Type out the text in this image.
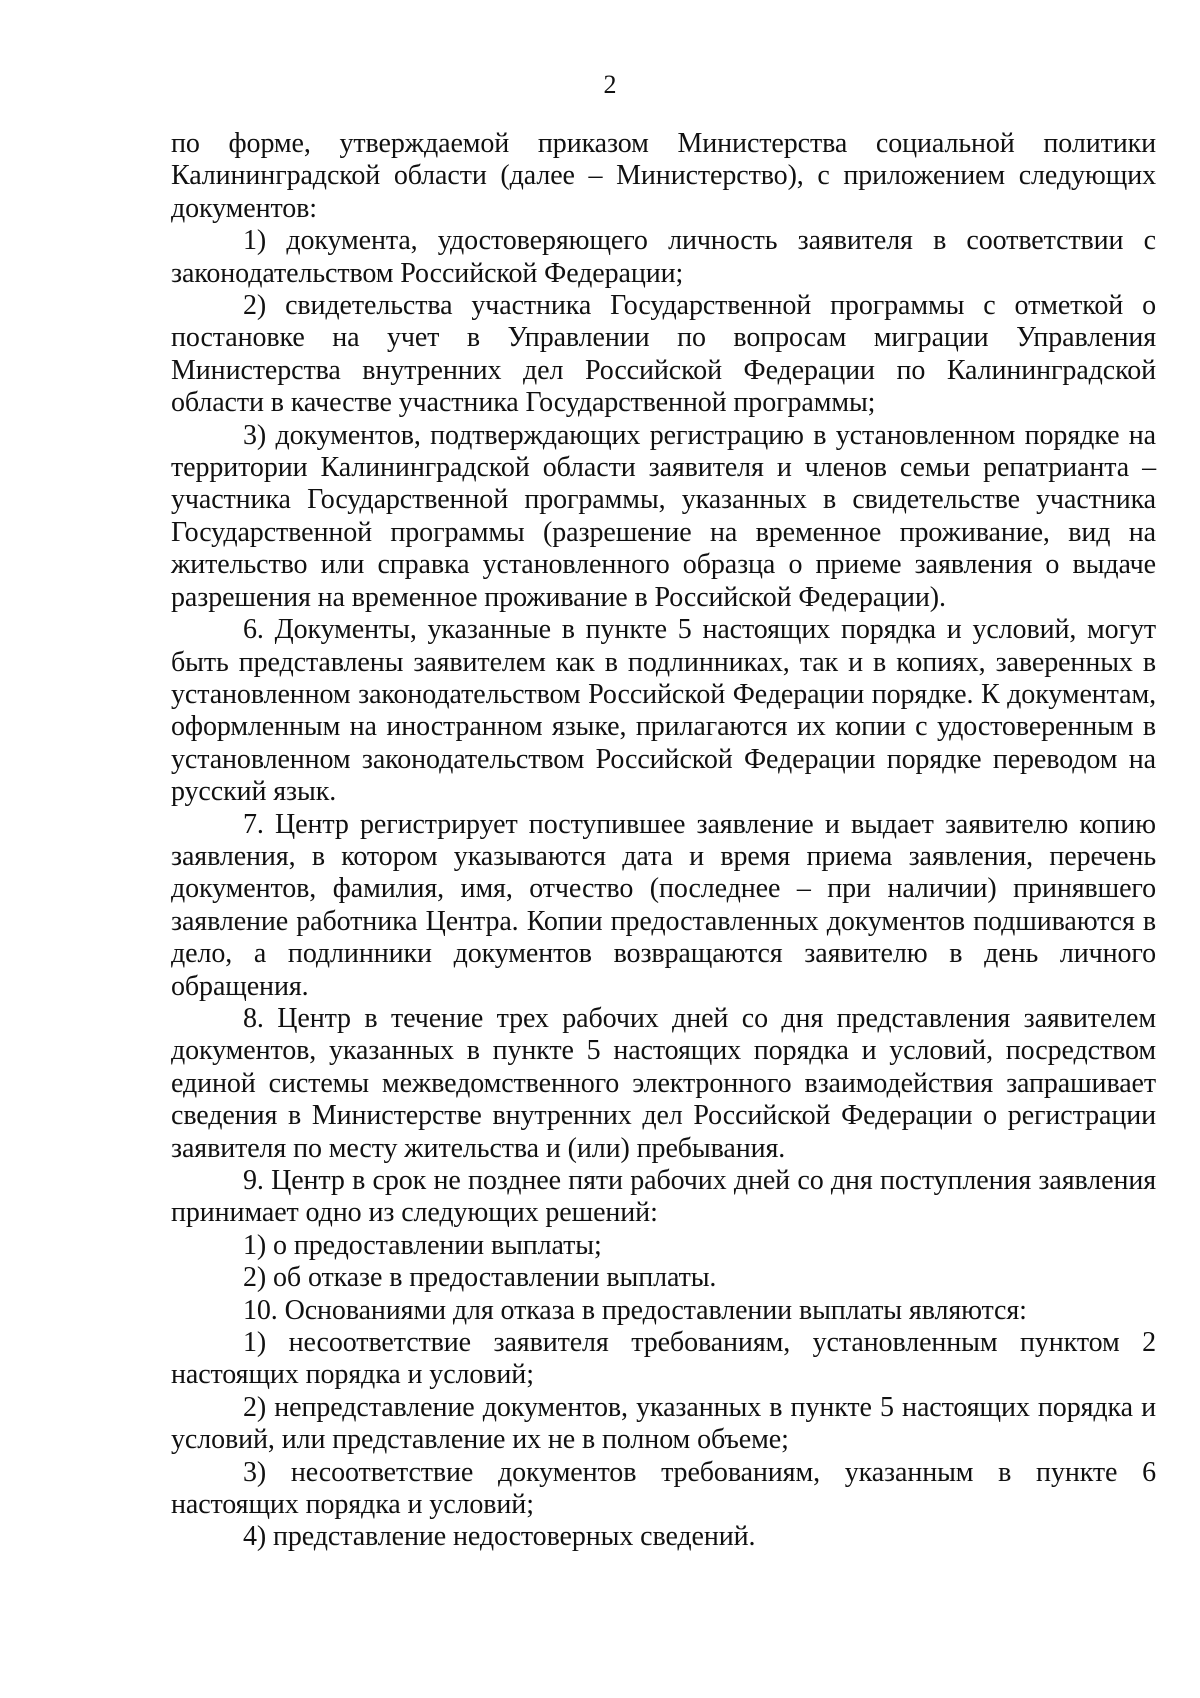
2

по форме, утверждаемой приказом Министерства социальной политики Калининградской области (далее – Министерство), с приложением следующих документов:

1) документа, удостоверяющего личность заявителя в соответствии с законодательством Российской Федерации;

2) свидетельства участника Государственной программы с отметкой о постановке на учет в Управлении по вопросам миграции Управления Министерства внутренних дел Российской Федерации по Калининградской области в качестве участника Государственной программы;

3) документов, подтверждающих регистрацию в установленном порядке на территории Калининградской области заявителя и членов семьи репатрианта – участника Государственной программы, указанных в свидетельстве участника Государственной программы (разрешение на временное проживание, вид на жительство или справка установленного образца о приеме заявления о выдаче разрешения на временное проживание в Российской Федерации).

6. Документы, указанные в пункте 5 настоящих порядка и условий, могут быть представлены заявителем как в подлинниках, так и в копиях, заверенных в установленном законодательством Российской Федерации порядке. К документам, оформленным на иностранном языке, прилагаются их копии с удостоверенным в установленном законодательством Российской Федерации порядке переводом на русский язык.

7. Центр регистрирует поступившее заявление и выдает заявителю копию заявления, в котором указываются дата и время приема заявления, перечень документов, фамилия, имя, отчество (последнее – при наличии) принявшего заявление работника Центра. Копии предоставленных документов подшиваются в дело, а подлинники документов возвращаются заявителю в день личного обращения.

8. Центр в течение трех рабочих дней со дня представления заявителем документов, указанных в пункте 5 настоящих порядка и условий, посредством единой системы межведомственного электронного взаимодействия запрашивает сведения в Министерстве внутренних дел Российской Федерации о регистрации заявителя по месту жительства и (или) пребывания.

9. Центр в срок не позднее пяти рабочих дней со дня поступления заявления принимает одно из следующих решений:

1) о предоставлении выплаты;

2) об отказе в предоставлении выплаты.

10. Основаниями для отказа в предоставлении выплаты являются:

1) несоответствие заявителя требованиям, установленным пунктом 2 настоящих порядка и условий;

2) непредставление документов, указанных в пункте 5 настоящих порядка и условий, или представление их не в полном объеме;

3) несоответствие документов требованиям, указанным в пункте 6 настоящих порядка и условий;

4) представление недостоверных сведений.
